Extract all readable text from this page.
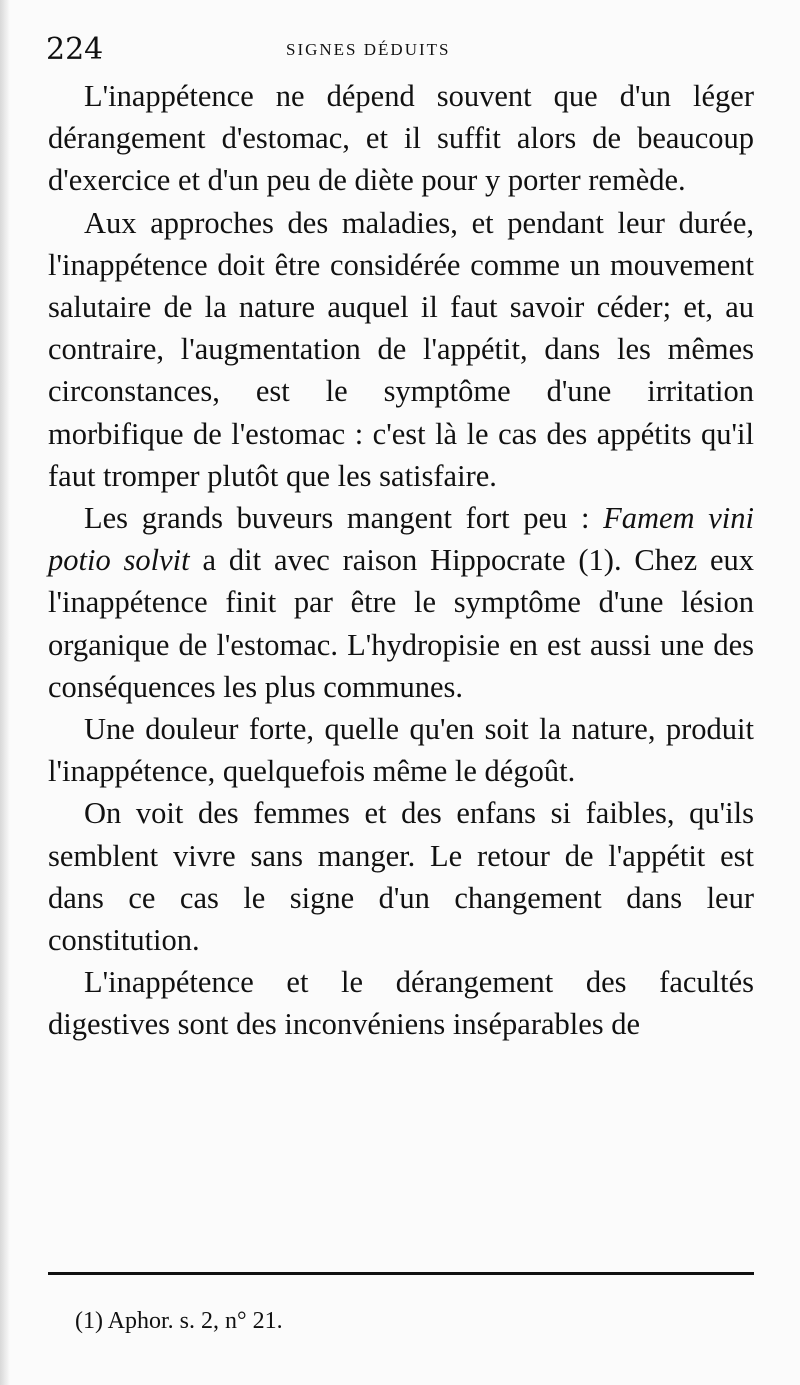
224	SIGNES DÉDUITS

L'inappétence ne dépend souvent que d'un léger dérangement d'estomac, et il suffit alors de beaucoup d'exercice et d'un peu de diète pour y porter remède.

Aux approches des maladies, et pendant leur durée, l'inappétence doit être considérée comme un mouvement salutaire de la nature auquel il faut savoir céder; et, au contraire, l'augmentation de l'appétit, dans les mêmes circonstances, est le symptôme d'une irritation morbifique de l'estomac : c'est là le cas des appétits qu'il faut tromper plutôt que les satisfaire.

Les grands buveurs mangent fort peu : Famem vini potio solvit a dit avec raison Hippocrate (1). Chez eux l'inappétence finit par être le symptôme d'une lésion organique de l'estomac. L'hydropisie en est aussi une des conséquences les plus communes.

Une douleur forte, quelle qu'en soit la nature, produit l'inappétence, quelquefois même le dégoût.

On voit des femmes et des enfans si faibles, qu'ils semblent vivre sans manger. Le retour de l'appétit est dans ce cas le signe d'un changement dans leur constitution.

L'inappétence et le dérangement des facultés digestives sont des inconvéniens inséparables de

(1) Aphor. s. 2, n° 21.
